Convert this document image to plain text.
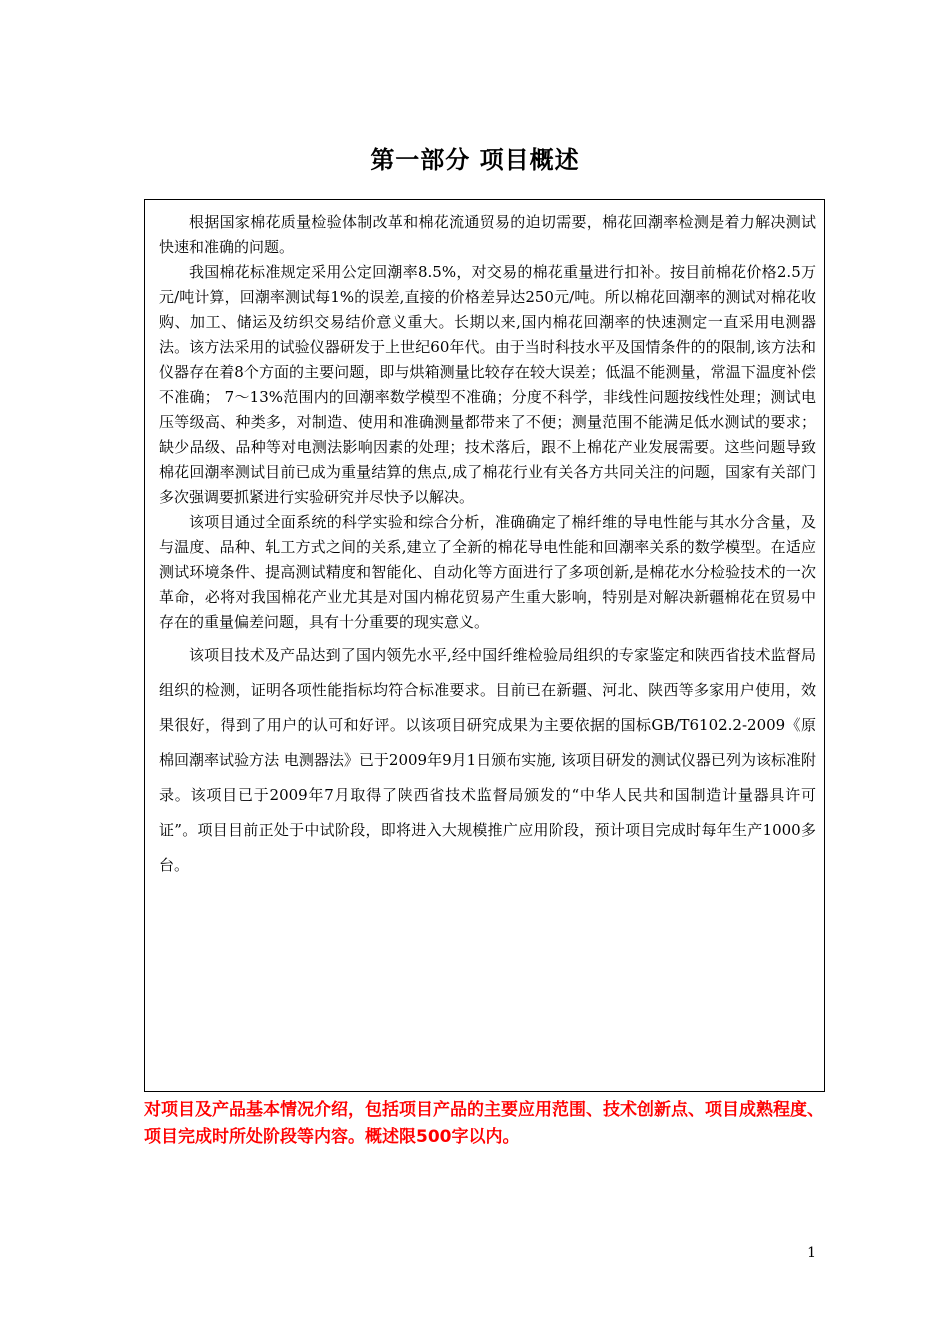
第一部分 项目概述

根据国家棉花质量检验体制改革和棉花流通贸易的迫切需要，棉花回潮率检测是着力解决测试快速和准确的问题。

我国棉花标准规定采用公定回潮率8.5%，对交易的棉花重量进行扣补。按目前棉花价格2.5万元/吨计算，回潮率测试每1%的误差,直接的价格差异达250元/吨。所以棉花回潮率的测试对棉花收购、加工、储运及纺织交易结价意义重大。长期以来,国内棉花回潮率的快速测定一直采用电测器法。该方法采用的试验仪器研发于上世纪60年代。由于当时科技水平及国情条件的的限制,该方法和仪器存在着8个方面的主要问题，即与烘箱测量比较存在较大误差；低温不能测量，常温下温度补偿不准确； 7～13%范围内的回潮率数学模型不准确；分度不科学，非线性问题按线性处理；测试电压等级高、种类多，对制造、使用和准确测量都带来了不便；测量范围不能满足低水测试的要求；缺少品级、品种等对电测法影响因素的处理；技术落后，跟不上棉花产业发展需要。这些问题导致棉花回潮率测试目前已成为重量结算的焦点,成了棉花行业有关各方共同关注的问题，国家有关部门多次强调要抓紧进行实验研究并尽快予以解决。

该项目通过全面系统的科学实验和综合分析，准确确定了棉纤维的导电性能与其水分含量，及与温度、品种、轧工方式之间的关系,建立了全新的棉花导电性能和回潮率关系的数学模型。在适应测试环境条件、提高测试精度和智能化、自动化等方面进行了多项创新,是棉花水分检验技术的一次革命，必将对我国棉花产业尤其是对国内棉花贸易产生重大影响，特别是对解决新疆棉花在贸易中存在的重量偏差问题，具有十分重要的现实意义。

该项目技术及产品达到了国内领先水平,经中国纤维检验局组织的专家鉴定和陕西省技术监督局组织的检测，证明各项性能指标均符合标准要求。目前已在新疆、河北、陕西等多家用户使用，效果很好，得到了用户的认可和好评。以该项目研究成果为主要依据的国标GB/T6102.2-2009《原棉回潮率试验方法 电测器法》已于2009年9月1日颁布实施, 该项目研发的测试仪器已列为该标准附录。该项目已于2009年7月取得了陕西省技术监督局颁发的“中华人民共和国制造计量器具许可证”。项目目前正处于中试阶段，即将进入大规模推广应用阶段，预计项目完成时每年生产1000多台。

对项目及产品基本情况介绍，包括项目产品的主要应用范围、技术创新点、项目成熟程度、项目完成时所处阶段等内容。概述限500字以内。

1
